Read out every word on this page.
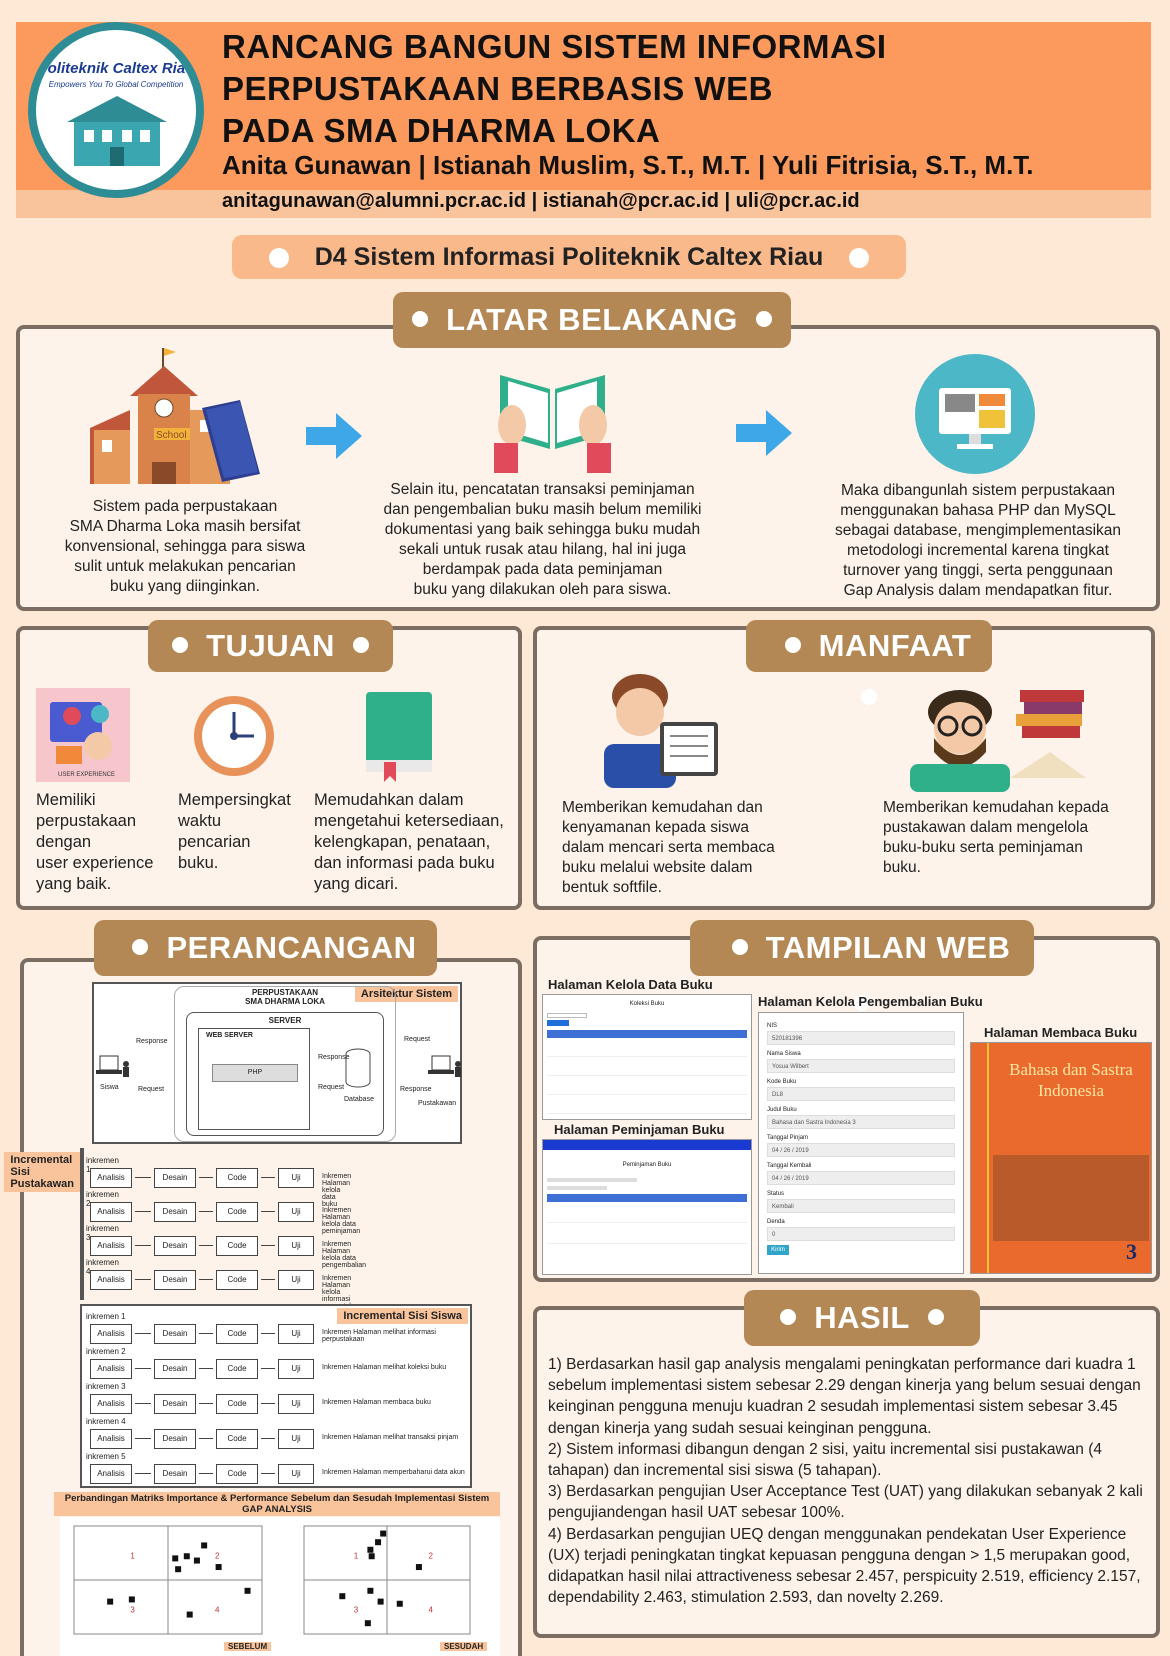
Politeknik Caltex Riau
Empowers You To Global Competition
RANCANG BANGUN SISTEM INFORMASI
PERPUSTAKAAN BERBASIS WEB
PADA SMA DHARMA LOKA
Anita Gunawan | Istianah Muslim, S.T., M.T. | Yuli Fitrisia, S.T., M.T.
anitagunawan@alumni.pcr.ac.id | istianah@pcr.ac.id | uli@pcr.ac.id
D4 Sistem Informasi Politeknik Caltex Riau
LATAR BELAKANG
School
Sistem pada perpustakaan
SMA Dharma Loka masih bersifat
konvensional, sehingga para siswa
sulit untuk melakukan pencarian
buku yang diinginkan.
Selain itu, pencatatan transaksi peminjaman
dan pengembalian buku masih belum memiliki
dokumentasi yang baik sehingga buku mudah
sekali untuk rusak atau hilang, hal ini juga
berdampak pada data peminjaman
buku yang dilakukan oleh para siswa.
Maka dibangunlah sistem perpustakaan
menggunakan bahasa PHP dan MySQL
sebagai database, mengimplementasikan
metodologi incremental karena tingkat
turnover yang tinggi, serta penggunaan
Gap Analysis dalam mendapatkan fitur.
TUJUAN
USER EXPERIENCE
Memiliki
perpustakaan
dengan
user experience
yang baik.
Mempersingkat
waktu
pencarian
buku.
Memudahkan dalam
mengetahui ketersediaan,
kelengkapan, penataan,
dan informasi pada buku
yang dicari.
MANFAAT
Memberikan kemudahan dan
kenyamanan kepada siswa
dalam mencari serta membaca
buku melalui website dalam
bentuk softfile.
Memberikan kemudahan kepada
pustakawan dalam mengelola
buku-buku serta peminjaman
buku.
PERANCANGAN
Arsitektur Sistem
PERPUSTAKAAN
SMA DHARMA LOKA
SERVER
WEB SERVER
PHP
Database
Response
Request
Siswa
Response
Request
Pustakawan
Request
Response
Incremental Sisi Pustakawan
inkremen 1
Analisis	Desain	Code	Uji	Inkremen Halaman kelola data buku
inkremen 2
Analisis	Desain	Code	Uji	Inkremen Halaman kelola data peminjaman
inkremen 3
Analisis	Desain	Code	Uji	Inkremen Halaman kelola data pengembalian
inkremen 4
Analisis	Desain	Code	Uji	Inkremen Halaman kelola informasi
Incremental Sisi Siswa
inkremen 1
Analisis	Desain	Code	Uji	Inkremen Halaman melihat informasi perpustakaan
inkremen 2
Analisis	Desain	Code	Uji	Inkremen Halaman melihat koleksi buku
inkremen 3
Analisis	Desain	Code	Uji	Inkremen Halaman membaca buku
inkremen 4
Analisis	Desain	Code	Uji	Inkremen Halaman melihat transaksi pinjam
inkremen 5
Analisis	Desain	Code	Uji	Inkremen Halaman memperbaharui data akun
Perbandingan Matriks Importance & Performance Sebelum dan Sesudah Implementasi Sistem
GAP ANALYSIS
1	2
3	4
1	2
3	4
SEBELUM	SESUDAH
TAMPILAN WEB
Halaman Kelola Data Buku
Koleksi Buku
Halaman Peminjaman Buku
Peminjaman Buku
Halaman Kelola Pengembalian Buku
NIS
520181396
Nama Siswa
Yosua Wilbert
Kode Buku
DL8
Judul Buku
Bahasa dan Sastra Indonesia 3
Tanggal Pinjam
04 / 26 / 2019
Tanggal Kembali
04 / 26 / 2019
Status
Kembali
Denda
0
Kirim
Halaman Membaca Buku
Bahasa dan Sastra Indonesia
3
HASIL
1) Berdasarkan hasil gap analysis mengalami peningkatan performance dari kuadra 1 sebelum implementasi sistem sebesar 2.29 dengan kinerja yang belum sesuai dengan keinginan pengguna menuju kuadran 2 sesudah implementasi sistem sebesar 3.45 dengan kinerja yang sudah sesuai keinginan pengguna.
2) Sistem informasi dibangun dengan 2 sisi, yaitu incremental sisi pustakawan (4 tahapan) dan incremental sisi siswa (5 tahapan).
3) Berdasarkan pengujian User Acceptance Test (UAT) yang dilakukan sebanyak 2 kali pengujiandengan hasil UAT sebesar 100%.
4) Berdasarkan pengujian UEQ dengan menggunakan pendekatan User Experience (UX) terjadi peningkatan tingkat kepuasan pengguna dengan > 1,5 merupakan good, didapatkan hasil nilai attractiveness sebesar 2.457, perspicuity 2.519, efficiency 2.157, dependability 2.463, stimulation 2.593, dan novelty 2.269.
